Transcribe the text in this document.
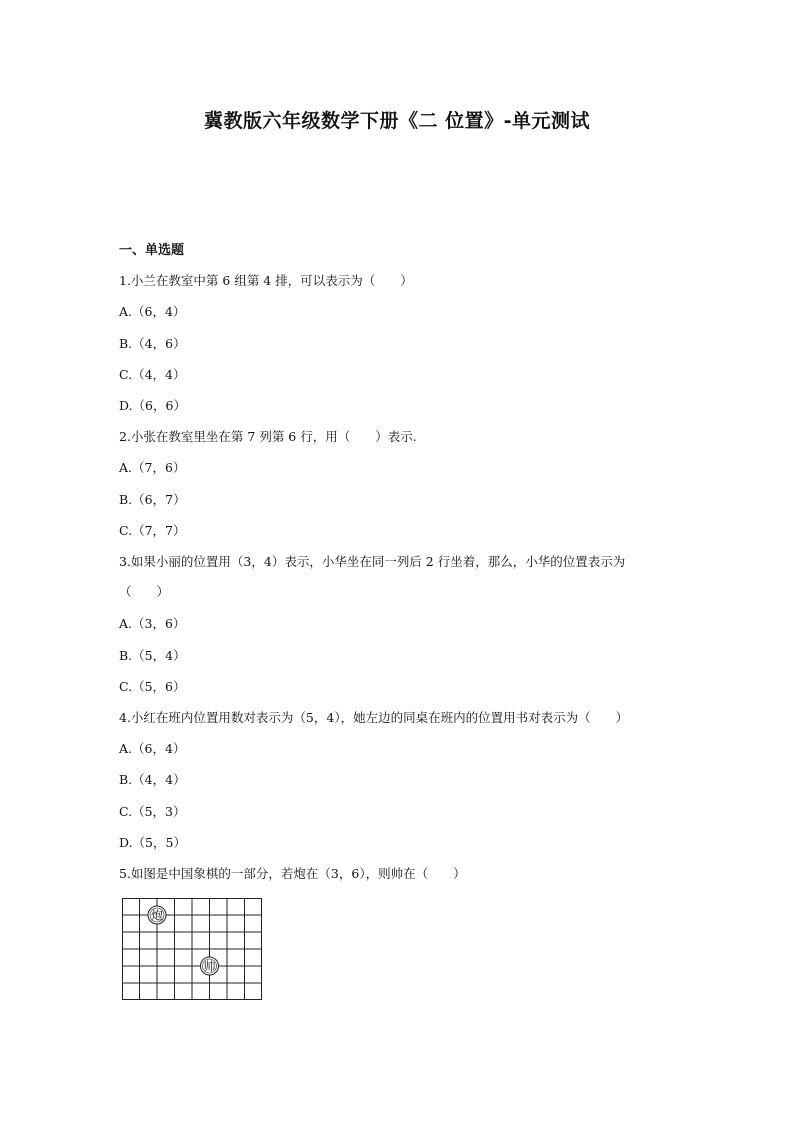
冀教版六年级数学下册《二 位置》-单元测试
一、单选题
1.小兰在教室中第 6 组第 4 排，可以表示为（　　）
A.（6，4）
B.（4，6）
C.（4，4）
D.（6，6）
2.小张在教室里坐在第 7 列第 6 行，用（　　）表示.
A.（7，6）
B.（6，7）
C.（7，7）
3.如果小丽的位置用（3，4）表示，小华坐在同一列后 2 行坐着，那么，小华的位置表示为
（　　）
A.（3，6）
B.（5，4）
C.（5，6）
4.小红在班内位置用数对表示为（5，4），她左边的同桌在班内的位置用书对表示为（　　）
A.（6，4）
B.（4，4）
C.（5，3）
D.（5，5）
5.如图是中国象棋的一部分，若炮在（3，6），则帅在（　　）
炮
帅
